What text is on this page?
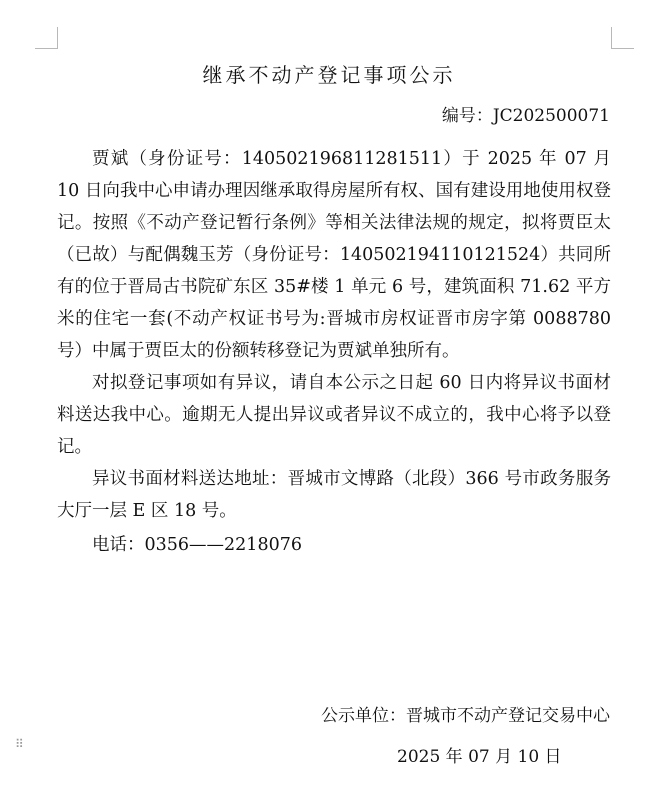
继承不动产登记事项公示
编号：JC202500071

贾斌（身份证号：140502196811281511）于 2025 年 07 月 10 日向我中心申请办理因继承取得房屋所有权、国有建设用地使用权登记。按照《不动产登记暂行条例》等相关法律法规的规定，拟将贾臣太（已故）与配偶魏玉芳（身份证号：140502194110121524）共同所有的位于晋局古书院矿东区 35#楼 1 单元 6 号，建筑面积 71.62 平方米的住宅一套(不动产权证书号为:晋城市房权证晋市房字第 0088780 号）中属于贾臣太的份额转移登记为贾斌单独所有。

对拟登记事项如有异议，请自本公示之日起 60 日内将异议书面材料送达我中心。逾期无人提出异议或者异议不成立的，我中心将予以登记。

异议书面材料送达地址：晋城市文博路（北段）366 号市政务服务大厅一层 E 区 18 号。

电话：0356——2218076

公示单位：晋城市不动产登记交易中心
2025 年 07 月 10 日
⠿
